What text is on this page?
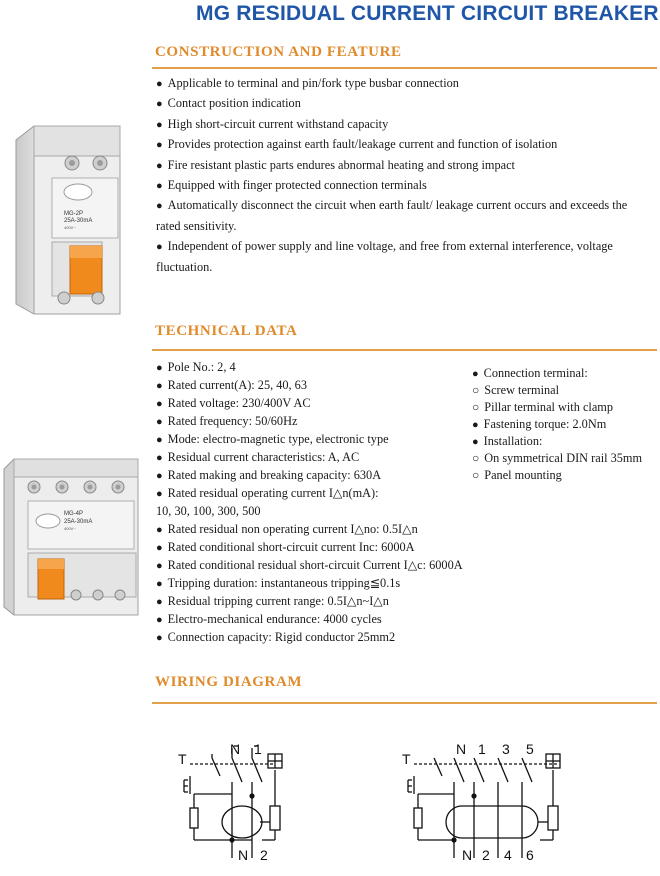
MG RESIDUAL CURRENT CIRCUIT BREAKER
CONSTRUCTION AND FEATURE
● Applicable to terminal and pin/fork type busbar connection
● Contact position indication
● High short-circuit current withstand capacity
● Provides protection against earth fault/leakage current and function of isolation
● Fire resistant plastic parts endures abnormal heating and strong impact
● Equipped with finger protected connection terminals
● Automatically disconnect the circuit when earth fault/ leakage current occurs and exceeds the
rated sensitivity.
● Independent of power supply and line voltage, and free from external interference, voltage
fluctuation.
MG-2P
25A-30mA
400V~
TECHNICAL DATA
● Pole No.: 2, 4
● Rated current(A): 25, 40, 63
● Rated voltage: 230/400V AC
● Rated frequency: 50/60Hz
● Mode: electro-magnetic type, electronic type
● Residual current characteristics: A, AC
● Rated making and breaking capacity: 630A
● Rated residual operating current I△n(mA):
10, 30, 100, 300, 500
● Rated residual non operating current I△no: 0.5I△n
● Rated conditional short-circuit current Inc: 6000A
● Rated conditional residual short-circuit Current I△c: 6000A
● Tripping duration: instantaneous tripping≦0.1s
● Residual tripping current range: 0.5I△n~I△n
● Electro-mechanical endurance: 4000 cycles
● Connection capacity: Rigid conductor 25mm2
● Connection terminal:
○ Screw terminal
○ Pillar terminal with clamp
● Fastening torque: 2.0Nm
● Installation:
○ On symmetrical DIN rail 35mm
○ Panel mounting
MG-4P
25A-30mA
400V~
WIRING DIAGRAM
T
N 1
N 2
T
N 1 3 5
N 2 4 6
